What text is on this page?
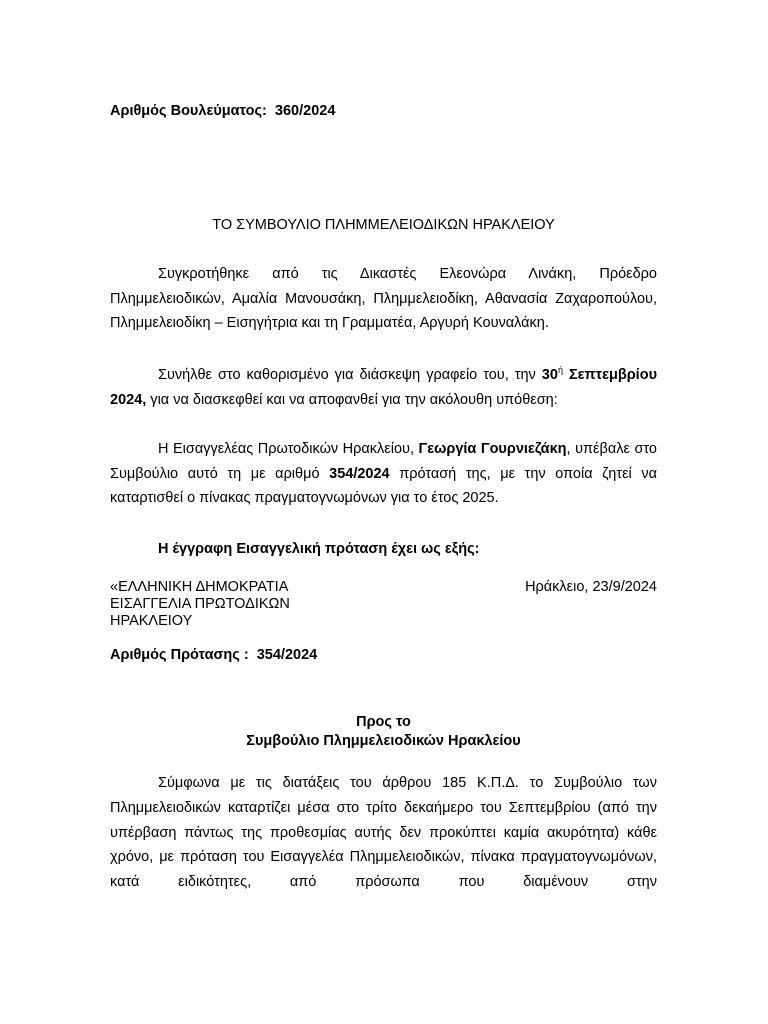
Αριθμός Βουλεύματος: 360/2024
ΤΟ ΣΥΜΒΟΥΛΙΟ ΠΛΗΜΜΕΛΕΙΟΔΙΚΩΝ ΗΡΑΚΛΕΙΟΥ
Συγκροτήθηκε από τις Δικαστές Ελεονώρα Λινάκη, Πρόεδρο Πλημμελειοδικών, Αμαλία Μανουσάκη, Πλημμελειοδίκη, Αθανασία Ζαχαροπούλου, Πλημμελειοδίκη – Εισηγήτρια και τη Γραμματέα, Αργυρή Κουναλάκη.
Συνήλθε στο καθορισμένο για διάσκεψη γραφείο του, την $30^ή$ Σεπτεμβρίου 2024, για να διασκεφθεί και να αποφανθεί για την ακόλουθη υπόθεση:
Η Εισαγγελέας Πρωτοδικών Ηρακλείου, Γεωργία Γουρνιεζάκη, υπέβαλε στο Συμβούλιο αυτό τη με αριθμό 354/2024 πρότασή της, με την οποία ζητεί να καταρτισθεί ο πίνακας πραγματογνωμόνων για το έτος 2025.
Η έγγραφη Εισαγγελική πρόταση έχει ως εξής:
«ΕΛΛΗΝΙΚΗ ΔΗΜΟΚΡΑΤΙΑ
ΕΙΣΑΓΓΕΛΙΑ ΠΡΩΤΟΔΙΚΩΝ
ΗΡΑΚΛΕΙΟΥ
Ηράκλειο, 23/9/2024
Αριθμός Πρότασης : 354/2024
Προς το
Συμβούλιο Πλημμελειοδικών Ηρακλείου
Σύμφωνα με τις διατάξεις του άρθρου 185 Κ.Π.Δ. το Συμβούλιο των Πλημμελειοδικών καταρτίζει μέσα στο τρίτο δεκαήμερο του Σεπτεμβρίου (από την υπέρβαση πάντως της προθεσμίας αυτής δεν προκύπτει καμία ακυρότητα) κάθε χρόνο, με πρόταση του Εισαγγελέα Πλημμελειοδικών, πίνακα πραγματογνωμόνων, κατά ειδικότητες, από πρόσωπα που διαμένουν στην
